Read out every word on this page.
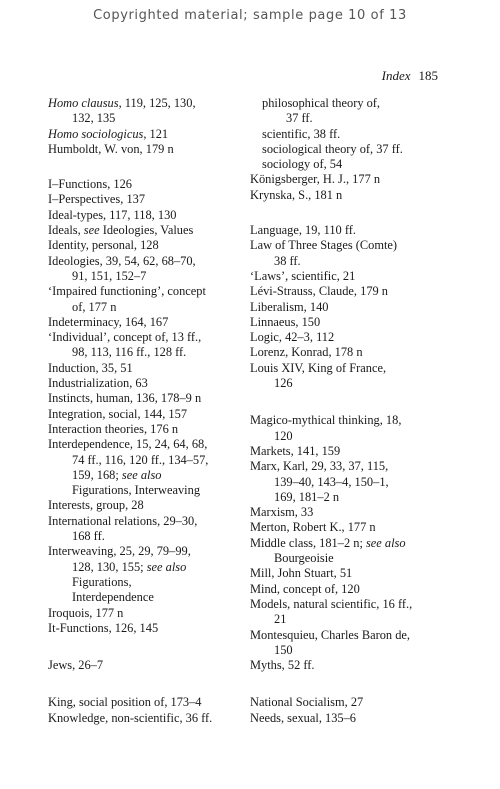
Copyrighted material; sample page 10 of 13
Index 185
Homo clausus, 119, 125, 130,
132, 135
Homo sociologicus, 121
Humboldt, W. von, 179 n
I–Functions, 126
I–Perspectives, 137
Ideal-types, 117, 118, 130
Ideals, see Ideologies, Values
Identity, personal, 128
Ideologies, 39, 54, 62, 68–70,
91, 151, 152–7
‘Impaired functioning’, concept
of, 177 n
Indeterminacy, 164, 167
‘Individual’, concept of, 13 ff.,
98, 113, 116 ff., 128 ff.
Induction, 35, 51
Industrialization, 63
Instincts, human, 136, 178–9 n
Integration, social, 144, 157
Interaction theories, 176 n
Interdependence, 15, 24, 64, 68,
74 ff., 116, 120 ff., 134–57,
159, 168; see also
Figurations, Interweaving
Interests, group, 28
International relations, 29–30,
168 ff.
Interweaving, 25, 29, 79–99,
128, 130, 155; see also
Figurations,
Interdependence
Iroquois, 177 n
It-Functions, 126, 145
Jews, 26–7
King, social position of, 173–4
Knowledge, non-scientific, 36 ff.
philosophical theory of,
37 ff.
scientific, 38 ff.
sociological theory of, 37 ff.
sociology of, 54
Königsberger, H. J., 177 n
Krynska, S., 181 n
Language, 19, 110 ff.
Law of Three Stages (Comte)
38 ff.
‘Laws’, scientific, 21
Lévi-Strauss, Claude, 179 n
Liberalism, 140
Linnaeus, 150
Logic, 42–3, 112
Lorenz, Konrad, 178 n
Louis XIV, King of France,
126
Magico-mythical thinking, 18,
120
Markets, 141, 159
Marx, Karl, 29, 33, 37, 115,
139–40, 143–4, 150–1,
169, 181–2 n
Marxism, 33
Merton, Robert K., 177 n
Middle class, 181–2 n; see also
Bourgeoisie
Mill, John Stuart, 51
Mind, concept of, 120
Models, natural scientific, 16 ff.,
21
Montesquieu, Charles Baron de,
150
Myths, 52 ff.
National Socialism, 27
Needs, sexual, 135–6
